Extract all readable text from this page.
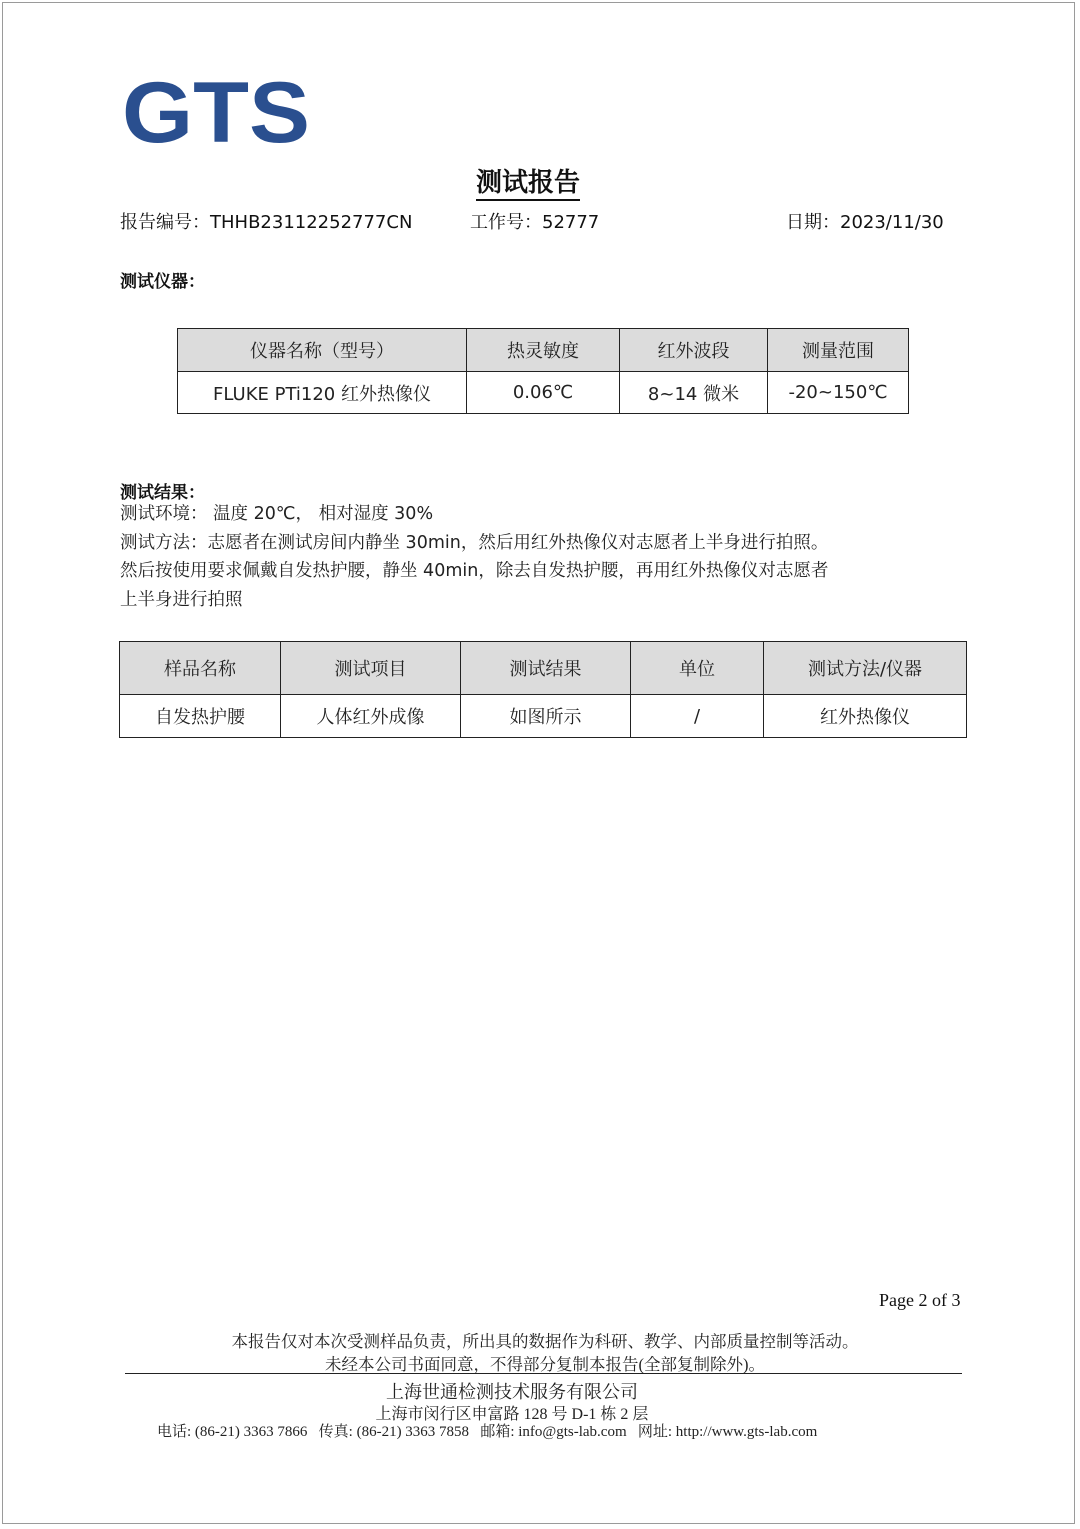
GTS
测试报告
报告编号：THHB23112252777CN	工作号：52777	日期：2023/11/30
测试仪器：
仪器名称（型号）	热灵敏度	红外波段	测量范围
FLUKE PTi120 红外热像仪	0.06℃	8~14 微米	-20~150℃
测试结果：
测试环境： 温度 20℃， 相对湿度 30%
测试方法：志愿者在测试房间内静坐 30min，然后用红外热像仪对志愿者上半身进行拍照。
然后按使用要求佩戴自发热护腰，静坐 40min，除去自发热护腰，再用红外热像仪对志愿者
上半身进行拍照
样品名称	测试项目	测试结果	单位	测试方法/仪器
自发热护腰	人体红外成像	如图所示	/	红外热像仪
Page 2 of 3
本报告仅对本次受测样品负责，所出具的数据作为科研、教学、内部质量控制等活动。
未经本公司书面同意，不得部分复制本报告(全部复制除外)。
上海世通检测技术服务有限公司
上海市闵行区申富路 128 号 D-1 栋 2 层
电话: (86-21) 3363 7866 传真: (86-21) 3363 7858 邮箱: info@gts-lab.com 网址: http://www.gts-lab.com
